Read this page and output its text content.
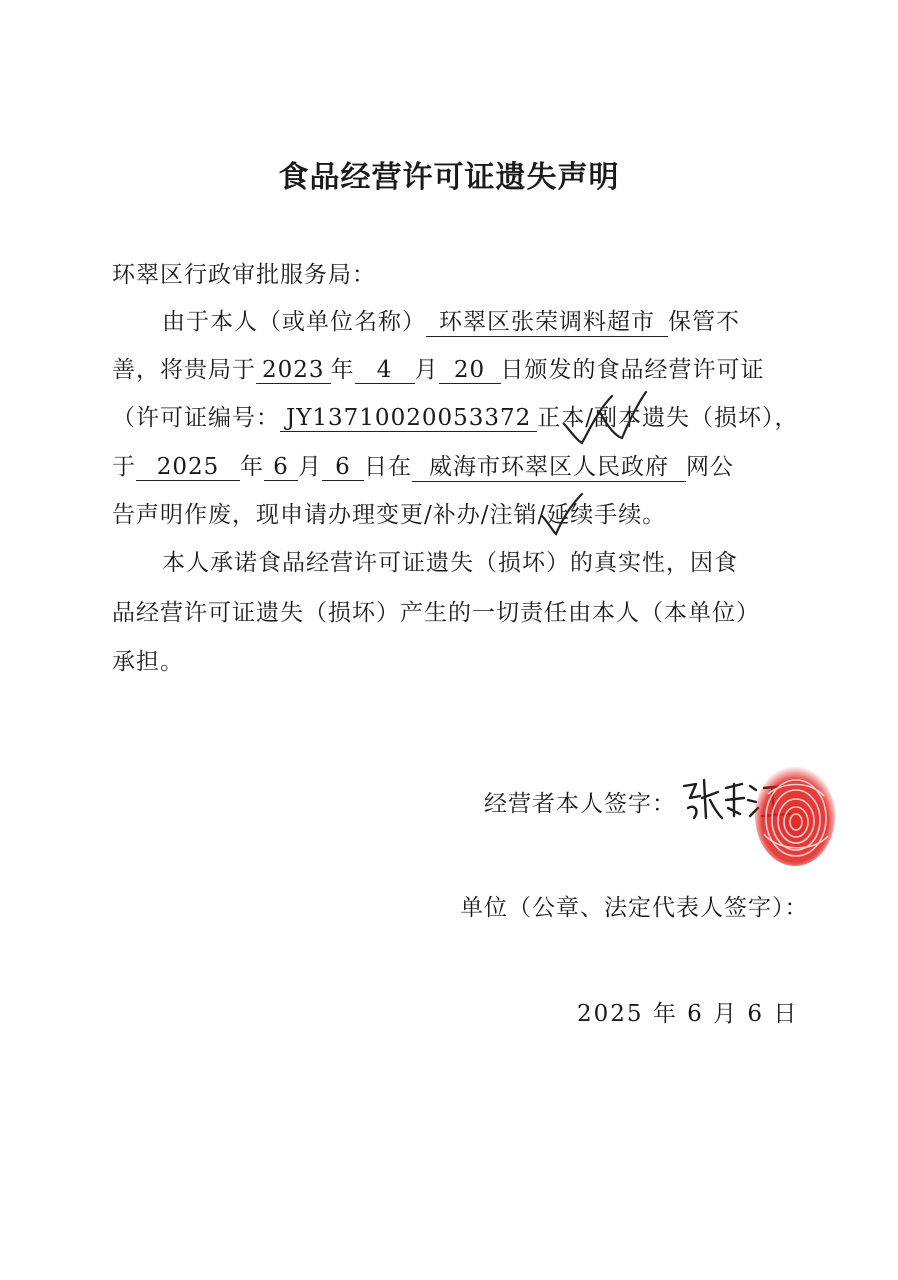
食品经营许可证遗失声明
环翠区行政审批服务局：
由于本人（或单位名称） 环翠区张荣调料超市 保管不
善，将贵局于 2023 年 4 月 20 日颁发的食品经营许可证
（许可证编号： JY13710020053372 正本/副本遗失（损坏），
于 2025 年 6 月 6 日在 威海市环翠区人民政府 网公
告声明作废，现申请办理变更/补办/注销/延续手续。
本人承诺食品经营许可证遗失（损坏）的真实性，因食
品经营许可证遗失（损坏）产生的一切责任由本人（本单位）
承担。
经营者本人签字：
单位（公章、法定代表人签字）：
2025 年 6 月 6 日
